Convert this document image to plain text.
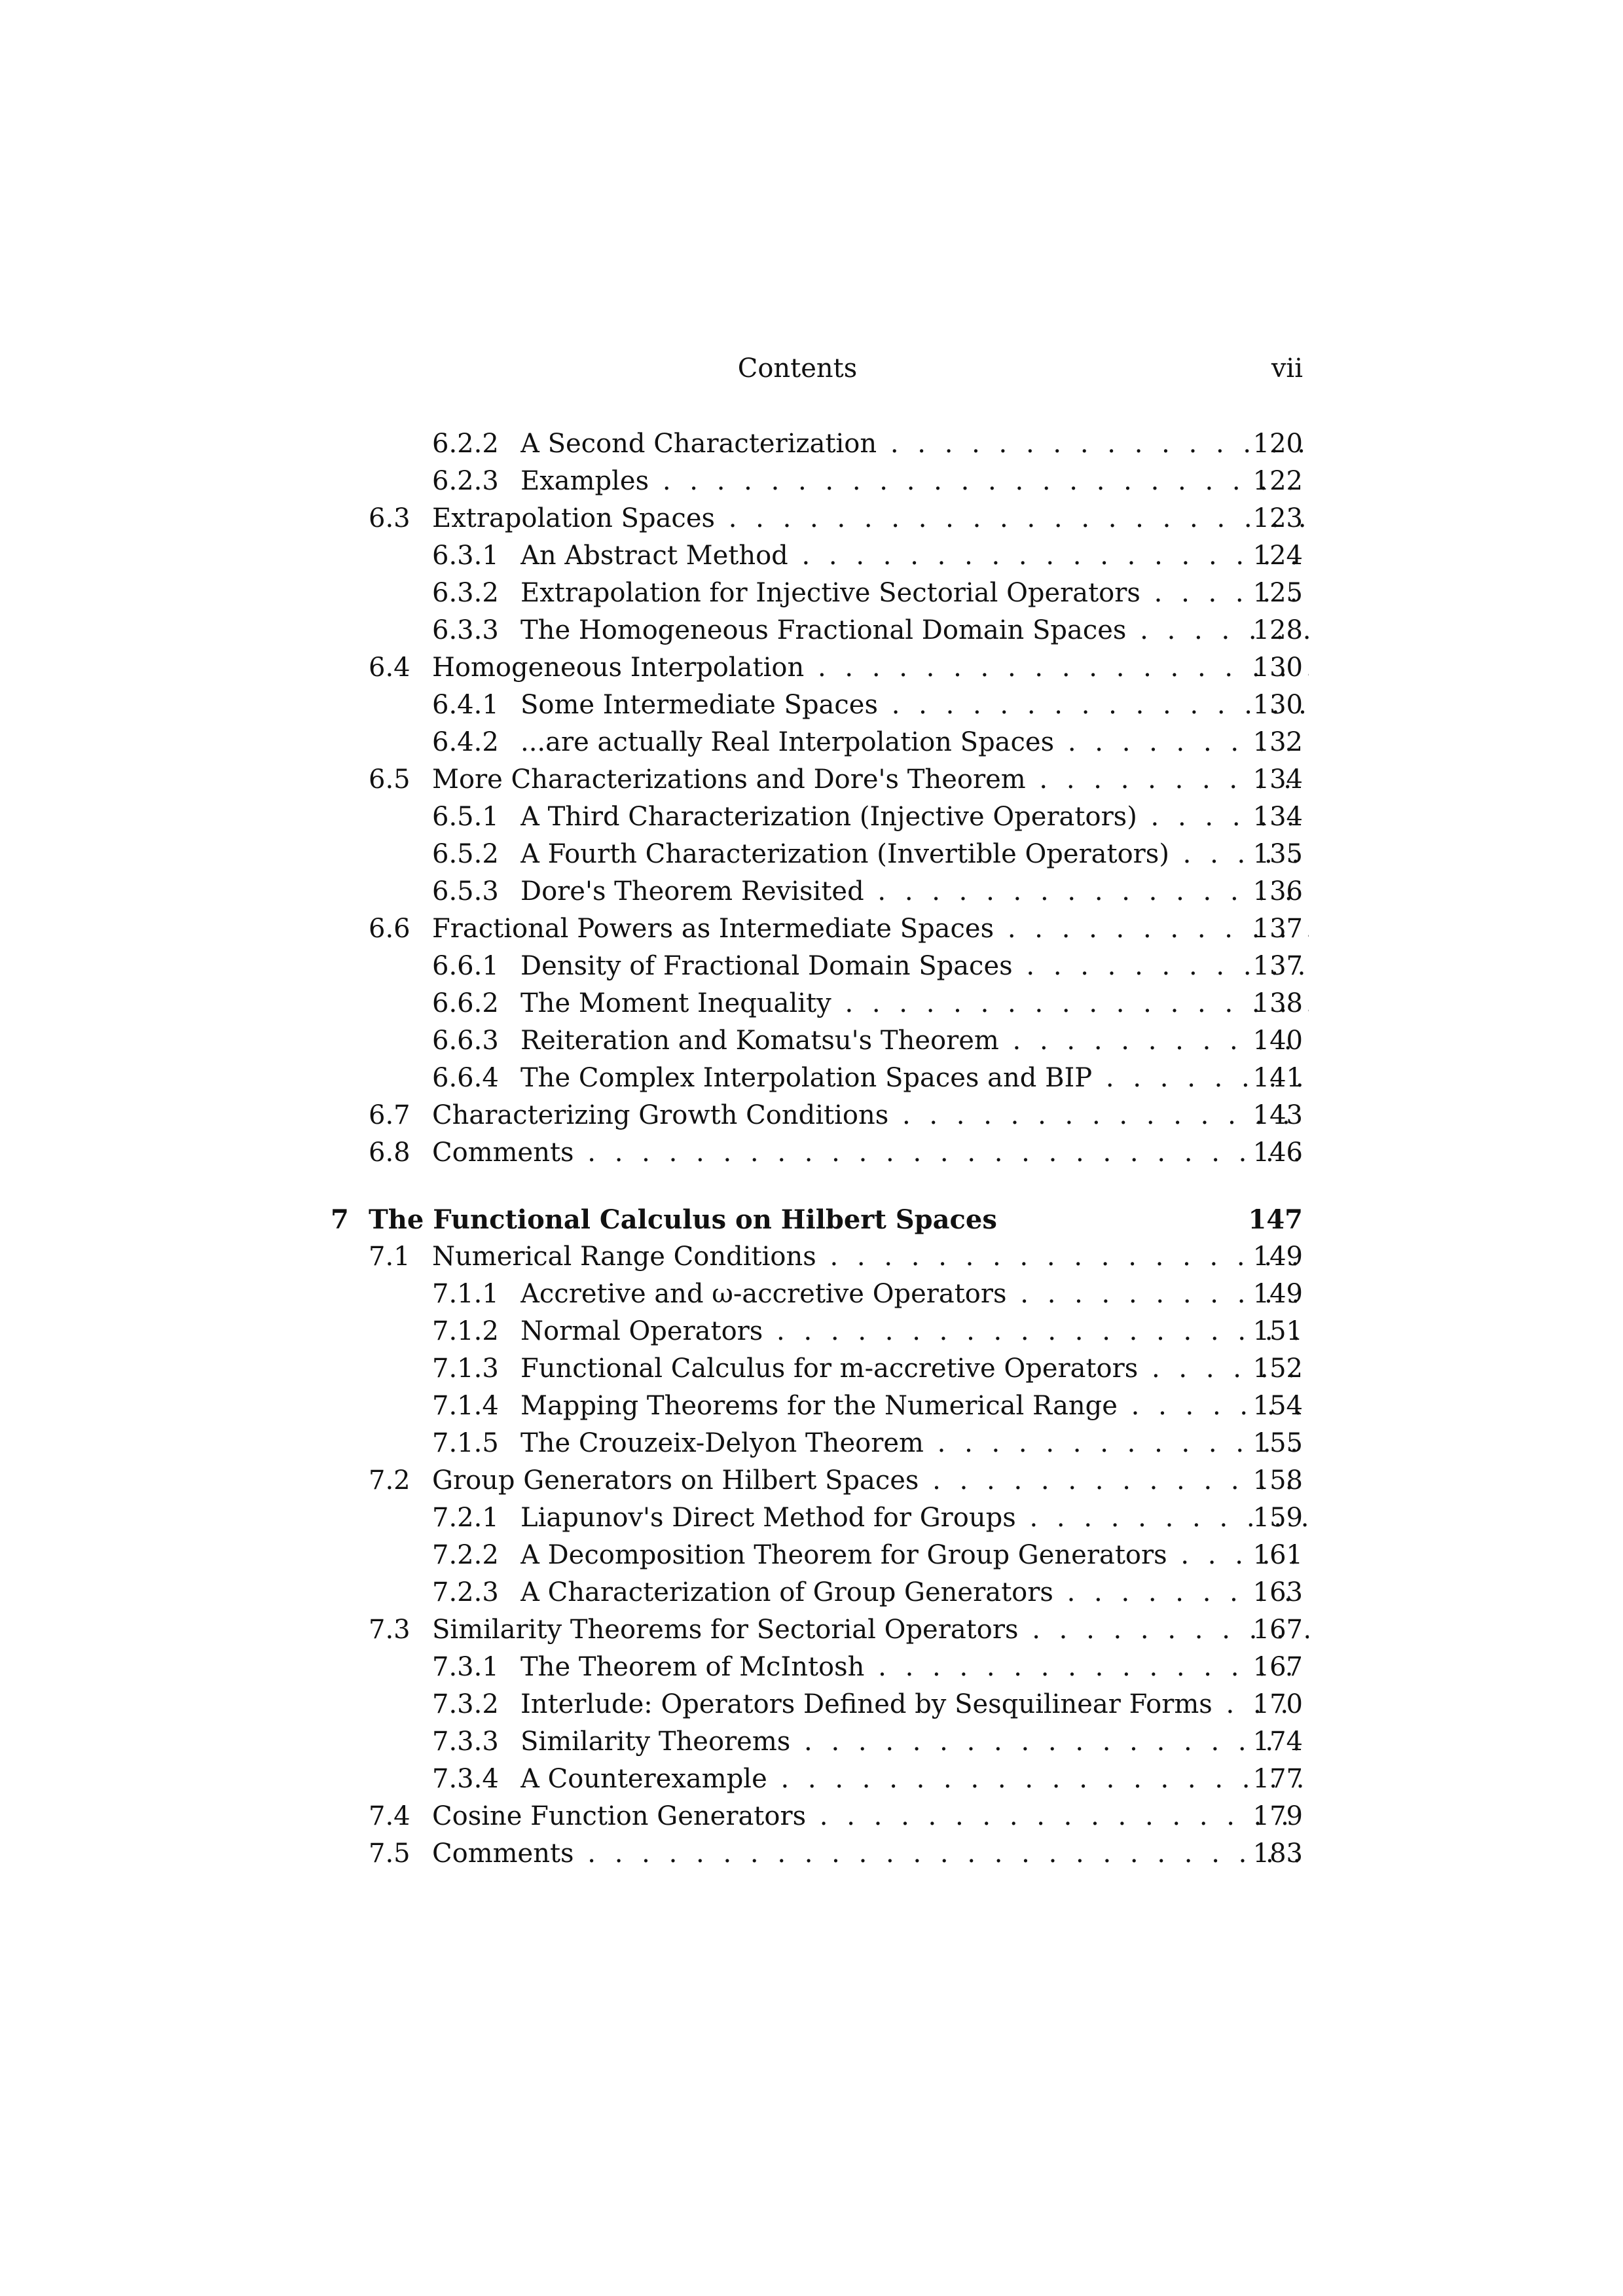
Contents	vii
6.2.2 A Second Characterization . . .	120
6.2.3 Examples . . .	122
6.3 Extrapolation Spaces . . .	123
6.3.1 An Abstract Method . . .	124
6.3.2 Extrapolation for Injective Sectorial Operators . . .	125
6.3.3 The Homogeneous Fractional Domain Spaces . . .	128
6.4 Homogeneous Interpolation . . .	130
6.4.1 Some Intermediate Spaces . . .	130
6.4.2 ...are actually Real Interpolation Spaces . . .	132
6.5 More Characterizations and Dore's Theorem . . .	134
6.5.1 A Third Characterization (Injective Operators) . . .	134
6.5.2 A Fourth Characterization (Invertible Operators) . . .	135
6.5.3 Dore's Theorem Revisited . . .	136
6.6 Fractional Powers as Intermediate Spaces . . .	137
6.6.1 Density of Fractional Domain Spaces . . .	137
6.6.2 The Moment Inequality . . .	138
6.6.3 Reiteration and Komatsu's Theorem . . .	140
6.6.4 The Complex Interpolation Spaces and BIP . . .	141
6.7 Characterizing Growth Conditions . . .	143
6.8 Comments . . .	146
7 The Functional Calculus on Hilbert Spaces	147
7.1 Numerical Range Conditions . . .	149
7.1.1 Accretive and ω-accretive Operators . . .	149
7.1.2 Normal Operators . . .	151
7.1.3 Functional Calculus for m-accretive Operators . . .	152
7.1.4 Mapping Theorems for the Numerical Range . . .	154
7.1.5 The Crouzeix-Delyon Theorem . . .	155
7.2 Group Generators on Hilbert Spaces . . .	158
7.2.1 Liapunov's Direct Method for Groups . . .	159
7.2.2 A Decomposition Theorem for Group Generators . . .	161
7.2.3 A Characterization of Group Generators . . .	163
7.3 Similarity Theorems for Sectorial Operators . . .	167
7.3.1 The Theorem of McIntosh . . .	167
7.3.2 Interlude: Operators Defined by Sesquilinear Forms . . .	170
7.3.3 Similarity Theorems . . .	174
7.3.4 A Counterexample . . .	177
7.4 Cosine Function Generators . . .	179
7.5 Comments . . .	183
